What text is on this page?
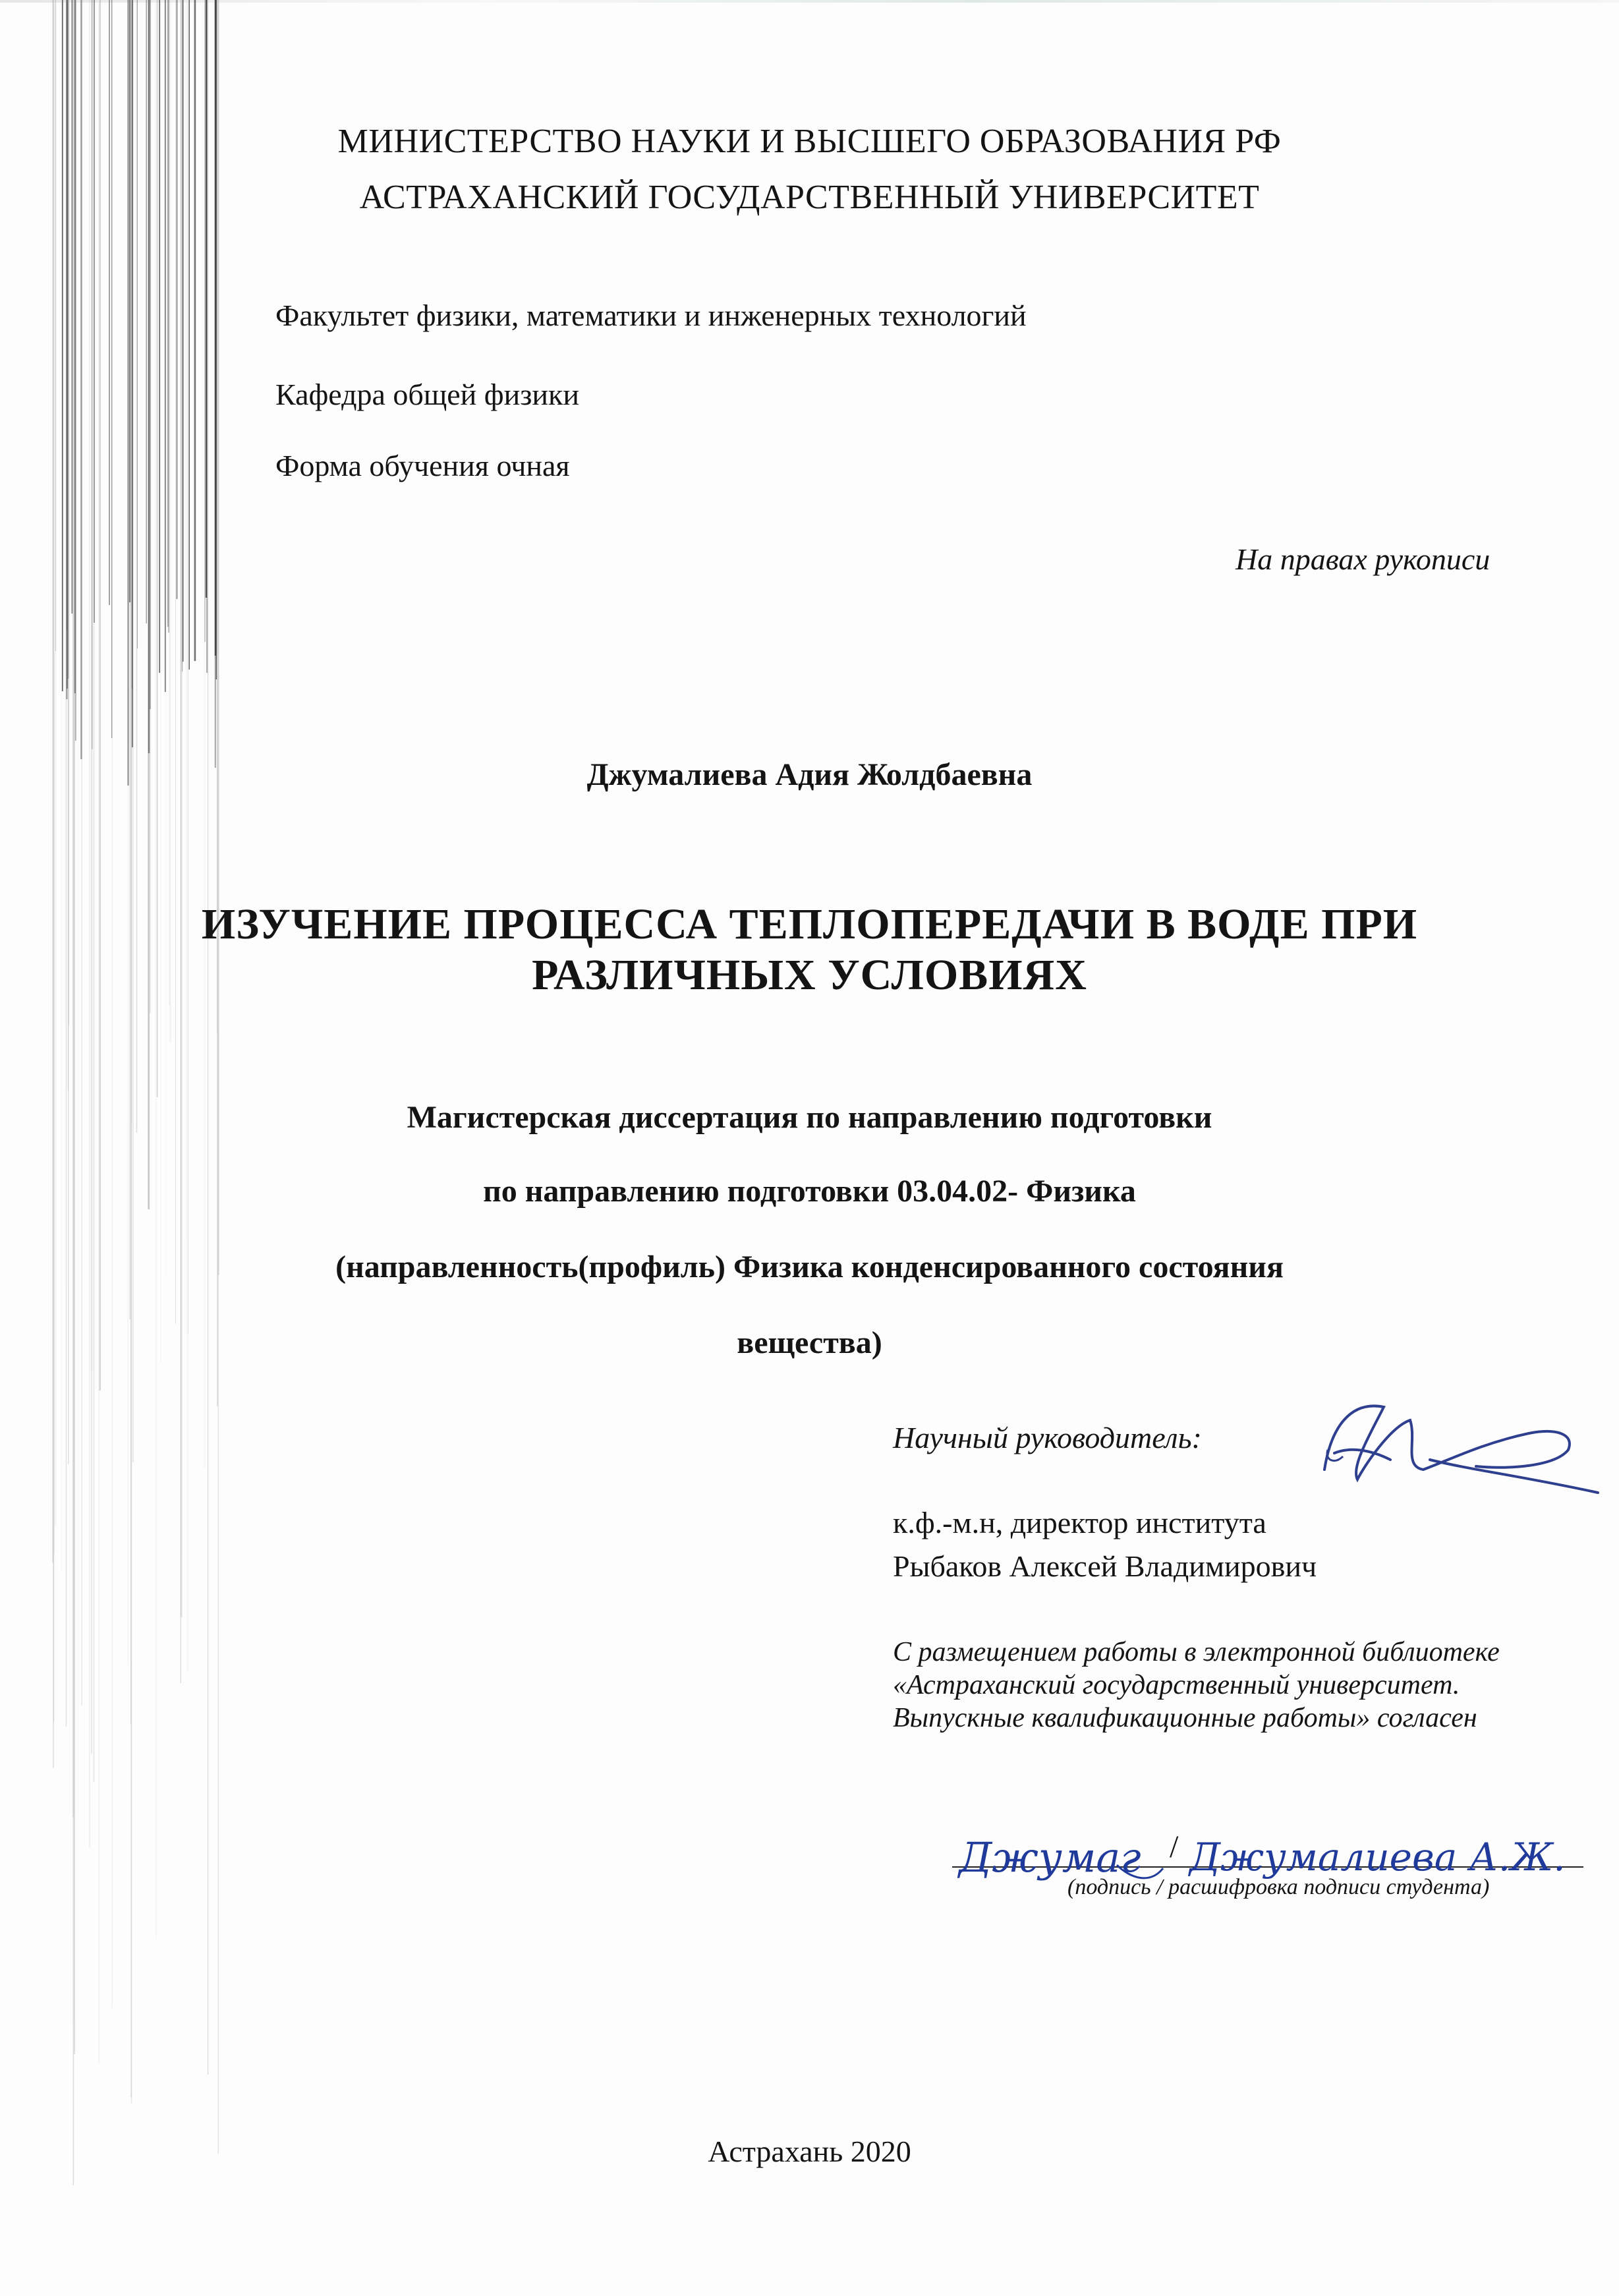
МИНИСТЕРСТВО НАУКИ И ВЫСШЕГО ОБРАЗОВАНИЯ РФ
АСТРАХАНСКИЙ ГОСУДАРСТВЕННЫЙ УНИВЕРСИТЕТ
Факультет физики, математики и инженерных технологий
Кафедра общей физики
Форма обучения очная
На правах рукописи
Джумалиева Адия Жолдбаевна
ИЗУЧЕНИЕ ПРОЦЕССА ТЕПЛОПЕРЕДАЧИ В ВОДЕ ПРИ
РАЗЛИЧНЫХ УСЛОВИЯХ
Магистерская диссертация по направлению подготовки
по направлению подготовки 03.04.02- Физика
(направленность(профиль) Физика конденсированного состояния
вещества)
Научный руководитель:
к.ф.-м.н, директор института
Рыбаков Алексей Владимирович
С размещением работы в электронной библиотеке «Астраханский государственный университет. Выпускные квалификационные работы» согласен
/
Джумаг Джумалиева А.Ж.
(подпись / расшифровка подписи студента)
Астрахань 2020
